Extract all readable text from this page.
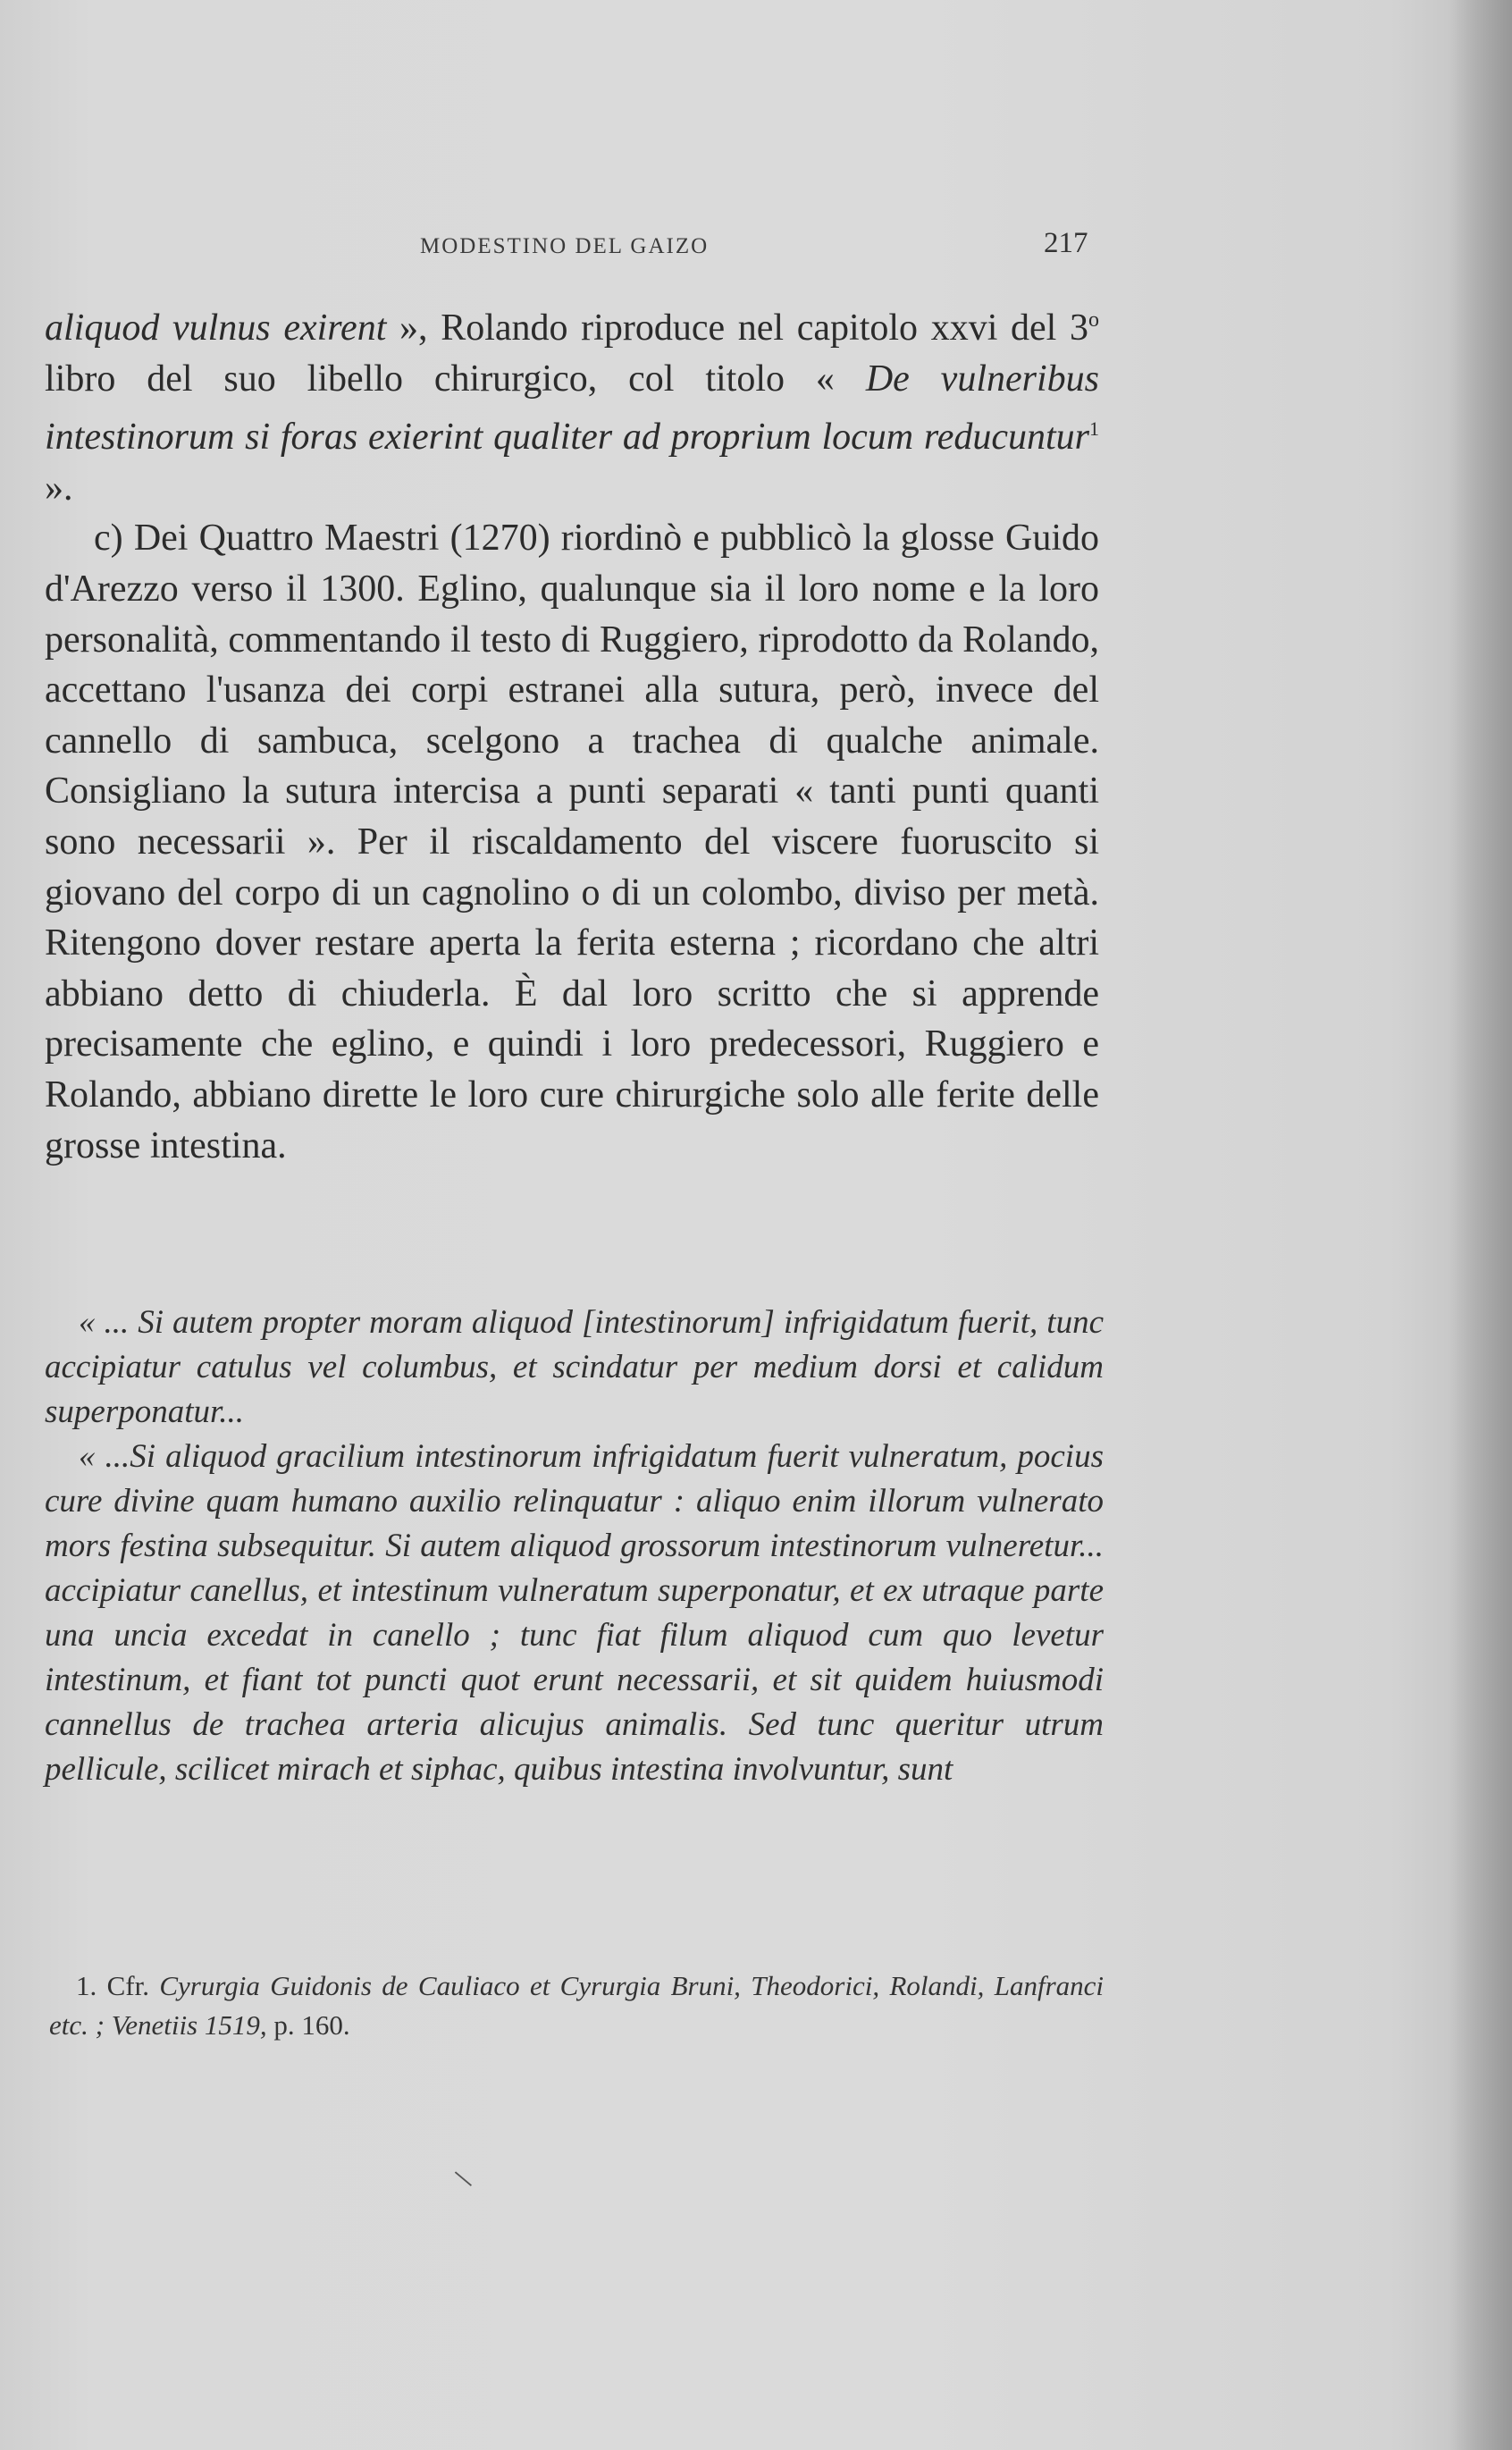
MODESTINO DEL GAIZO	217

aliquod vulnus exirent », Rolando riproduce nel capitolo xxvi del 3$^o$ libro del suo libello chirurgico, col titolo « De vulneribus intestinorum si foras exierint qualiter ad proprium locum reducuntur$^1$ ».

c) Dei Quattro Maestri (1270) riordinò e pubblicò la glosse Guido d'Arezzo verso il 1300. Eglino, qualunque sia il loro nome e la loro personalità, commentando il testo di Ruggiero, riprodotto da Rolando, accettano l'usanza dei corpi estranei alla sutura, però, invece del cannello di sambuca, scelgono a trachea di qualche animale. Consigliano la sutura intercisa a punti separati « tanti punti quanti sono necessarii ». Per il riscaldamento del viscere fuoruscito si giovano del corpo di un cagnolino o di un colombo, diviso per metà. Ritengono dover restare aperta la ferita esterna ; ricordano che altri abbiano detto di chiuderla. È dal loro scritto che si apprende precisamente che eglino, e quindi i loro predecessori, Ruggiero e Rolando, abbiano dirette le loro cure chirurgiche solo alle ferite delle grosse intestina.

« ... Si autem propter moram aliquod [intestinorum] infrigidatum fuerit, tunc accipiatur catulus vel columbus, et scindatur per medium dorsi et calidum superponatur...

« ...Si aliquod gracilium intestinorum infrigidatum fuerit vulneratum, pocius cure divine quam humano auxilio relinquatur : aliquo enim illorum vulnerato mors festina subsequitur. Si autem aliquod grossorum intestinorum vulneretur... accipiatur canellus, et intestinum vulneratum superponatur, et ex utraque parte una uncia excedat in canello ; tunc fiat filum aliquod cum quo levetur intestinum, et fiant tot puncti quot erunt necessarii, et sit quidem huiusmodi cannellus de trachea arteria alicujus animalis. Sed tunc queritur utrum pellicule, scilicet mirach et siphac, quibus intestina involvuntur, sunt

1. Cfr. Cyrurgia Guidonis de Cauliaco et Cyrurgia Bruni, Theodorici, Rolandi, Lanfranci etc. ; Venetiis 1519, p. 160.

—
